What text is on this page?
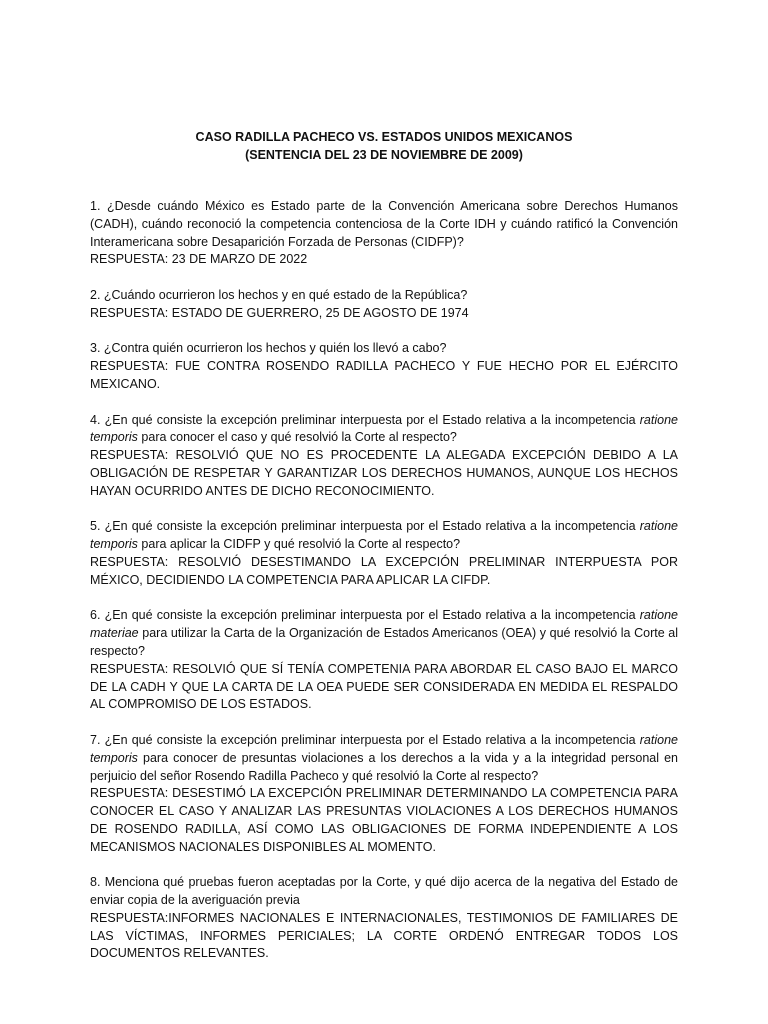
CASO RADILLA PACHECO VS. ESTADOS UNIDOS MEXICANOS
(SENTENCIA DEL 23 DE NOVIEMBRE DE 2009)

1. ¿Desde cuándo México es Estado parte de la Convención Americana sobre Derechos Humanos (CADH), cuándo reconoció la competencia contenciosa de la Corte IDH y cuándo ratificó la Convención Interamericana sobre Desaparición Forzada de Personas (CIDFP)?

RESPUESTA: 23 DE MARZO DE 2022

2. ¿Cuándo ocurrieron los hechos y en qué estado de la República?

RESPUESTA: ESTADO DE GUERRERO, 25 DE AGOSTO DE 1974

3. ¿Contra quién ocurrieron los hechos y quién los llevó a cabo?

RESPUESTA: FUE CONTRA ROSENDO RADILLA PACHECO Y FUE HECHO POR EL EJÉRCITO MEXICANO.

4. ¿En qué consiste la excepción preliminar interpuesta por el Estado relativa a la incompetencia ratione temporis para conocer el caso y qué resolvió la Corte al respecto?

RESPUESTA: RESOLVIÓ QUE NO ES PROCEDENTE LA ALEGADA EXCEPCIÓN DEBIDO A LA OBLIGACIÓN DE RESPETAR Y GARANTIZAR LOS DERECHOS HUMANOS, AUNQUE LOS HECHOS HAYAN OCURRIDO ANTES DE DICHO RECONOCIMIENTO.

5. ¿En qué consiste la excepción preliminar interpuesta por el Estado relativa a la incompetencia ratione temporis para aplicar la CIDFP y qué resolvió la Corte al respecto?

RESPUESTA: RESOLVIÓ DESESTIMANDO LA EXCEPCIÓN PRELIMINAR INTERPUESTA POR MÉXICO, DECIDIENDO LA COMPETENCIA PARA APLICAR LA CIFDP.

6. ¿En qué consiste la excepción preliminar interpuesta por el Estado relativa a la incompetencia ratione materiae para utilizar la Carta de la Organización de Estados Americanos (OEA) y qué resolvió la Corte al respecto?

RESPUESTA: RESOLVIÓ QUE SÍ TENÍA COMPETENIA PARA ABORDAR EL CASO BAJO EL MARCO DE LA CADH Y QUE LA CARTA DE LA OEA PUEDE SER CONSIDERADA EN MEDIDA EL RESPALDO AL COMPROMISO DE LOS ESTADOS.

7. ¿En qué consiste la excepción preliminar interpuesta por el Estado relativa a la incompetencia ratione temporis para conocer de presuntas violaciones a los derechos a la vida y a la integridad personal en perjuicio del señor Rosendo Radilla Pacheco y qué resolvió la Corte al respecto?

RESPUESTA: DESESTIMÓ LA EXCEPCIÓN PRELIMINAR DETERMINANDO LA COMPETENCIA PARA CONOCER EL CASO Y ANALIZAR LAS PRESUNTAS VIOLACIONES A LOS DERECHOS HUMANOS DE ROSENDO RADILLA, ASÍ COMO LAS OBLIGACIONES DE FORMA INDEPENDIENTE A LOS MECANISMOS NACIONALES DISPONIBLES AL MOMENTO.

8. Menciona qué pruebas fueron aceptadas por la Corte, y qué dijo acerca de la negativa del Estado de enviar copia de la averiguación previa

RESPUESTA:INFORMES NACIONALES E INTERNACIONALES, TESTIMONIOS DE FAMILIARES DE LAS VÍCTIMAS, INFORMES PERICIALES; LA CORTE ORDENÓ ENTREGAR TODOS LOS DOCUMENTOS RELEVANTES.
